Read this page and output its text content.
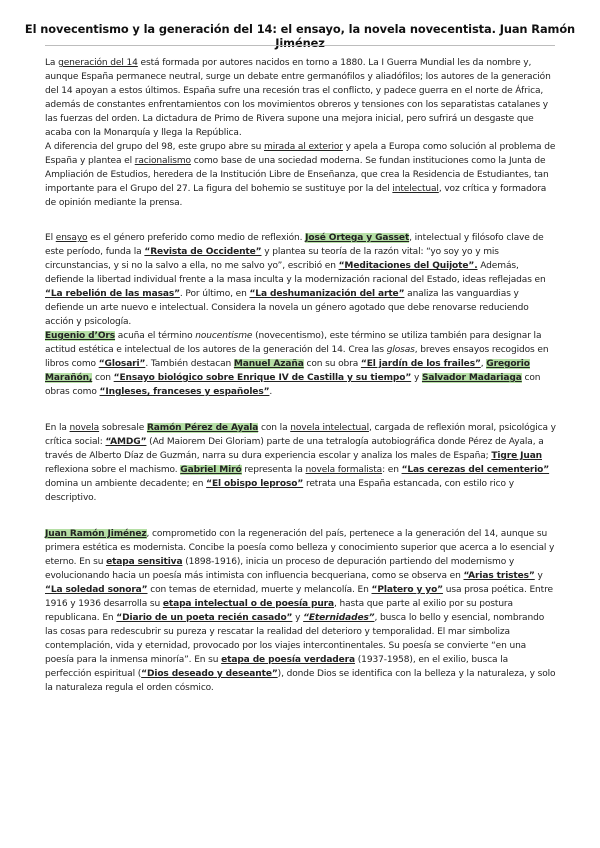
El novecentismo y la generación del 14: el ensayo, la novela novecentista. Juan Ramón Jiménez

La generación del 14 está formada por autores nacidos en torno a 1880. La I Guerra Mundial les da nombre y, aunque España permanece neutral, surge un debate entre germanófilos y aliadófilos; los autores de la generación del 14 apoyan a estos últimos. España sufre una recesión tras el conflicto, y padece guerra en el norte de África, además de constantes enfrentamientos con los movimientos obreros y tensiones con los separatistas catalanes y las fuerzas del orden. La dictadura de Primo de Rivera supone una mejora inicial, pero sufrirá un desgaste que acaba con la Monarquía y llega la República.

A diferencia del grupo del 98, este grupo abre su mirada al exterior y apela a Europa como solución al problema de España y plantea el racionalismo como base de una sociedad moderna. Se fundan instituciones como la Junta de Ampliación de Estudios, heredera de la Institución Libre de Enseñanza, que crea la Residencia de Estudiantes, tan importante para el Grupo del 27. La figura del bohemio se sustituye por la del intelectual, voz crítica y formadora de opinión mediante la prensa.

El ensayo es el género preferido como medio de reflexión. José Ortega y Gasset, intelectual y filósofo clave de este período, funda la “Revista de Occidente” y plantea su teoría de la razón vital: “yo soy yo y mis circunstancias, y si no la salvo a ella, no me salvo yo”, escribió en “Meditaciones del Quijote”. Además, defiende la libertad individual frente a la masa inculta y la modernización racional del Estado, ideas reflejadas en “La rebelión de las masas”. Por último, en “La deshumanización del arte” analiza las vanguardias y defiende un arte nuevo e intelectual. Considera la novela un género agotado que debe renovarse reduciendo acción y psicología.

Eugenio d’Ors acuña el término noucentisme (novecentismo), este término se utiliza también para designar la actitud estética e intelectual de los autores de la generación del 14. Crea las glosas, breves ensayos recogidos en libros como “Glosari”. También destacan Manuel Azaña con su obra “El jardín de los frailes”, Gregorio Marañón, con “Ensayo biológico sobre Enrique IV de Castilla y su tiempo” y Salvador Madariaga con obras como “Ingleses, franceses y españoles”.

En la novela sobresale Ramón Pérez de Ayala con la novela intelectual, cargada de reflexión moral, psicológica y crítica social: “AMDG” (Ad Maiorem Dei Gloriam) parte de una tetralogía autobiográfica donde Pérez de Ayala, a través de Alberto Díaz de Guzmán, narra su dura experiencia escolar y analiza los males de España; Tigre Juan reflexiona sobre el machismo. Gabriel Miró representa la novela formalista: en “Las cerezas del cementerio” domina un ambiente decadente; en “El obispo leproso” retrata una España estancada, con estilo rico y descriptivo.

Juan Ramón Jiménez, comprometido con la regeneración del país, pertenece a la generación del 14, aunque su primera estética es modernista. Concibe la poesía como belleza y conocimiento superior que acerca a lo esencial y eterno. En su etapa sensitiva (1898-1916), inicia un proceso de depuración partiendo del modernismo y evolucionando hacia un poesía más intimista con influencia becqueriana, como se observa en “Arias tristes” y “La soledad sonora” con temas de eternidad, muerte y melancolía. En “Platero y yo” usa prosa poética. Entre 1916 y 1936 desarrolla su etapa intelectual o de poesía pura, hasta que parte al exilio por su postura republicana. En “Diario de un poeta recién casado” y “Eternidades”, busca lo bello y esencial, nombrando las cosas para redescubrir su pureza y rescatar la realidad del deterioro y temporalidad. El mar simboliza contemplación, vida y eternidad, provocado por los viajes intercontinentales. Su poesía se convierte “en una poesía para la inmensa minoría”. En su etapa de poesía verdadera (1937-1958), en el exilio, busca la perfección espiritual (“Dios deseado y deseante”), donde Dios se identifica con la belleza y la naturaleza, y solo la naturaleza regula el orden cósmico.
